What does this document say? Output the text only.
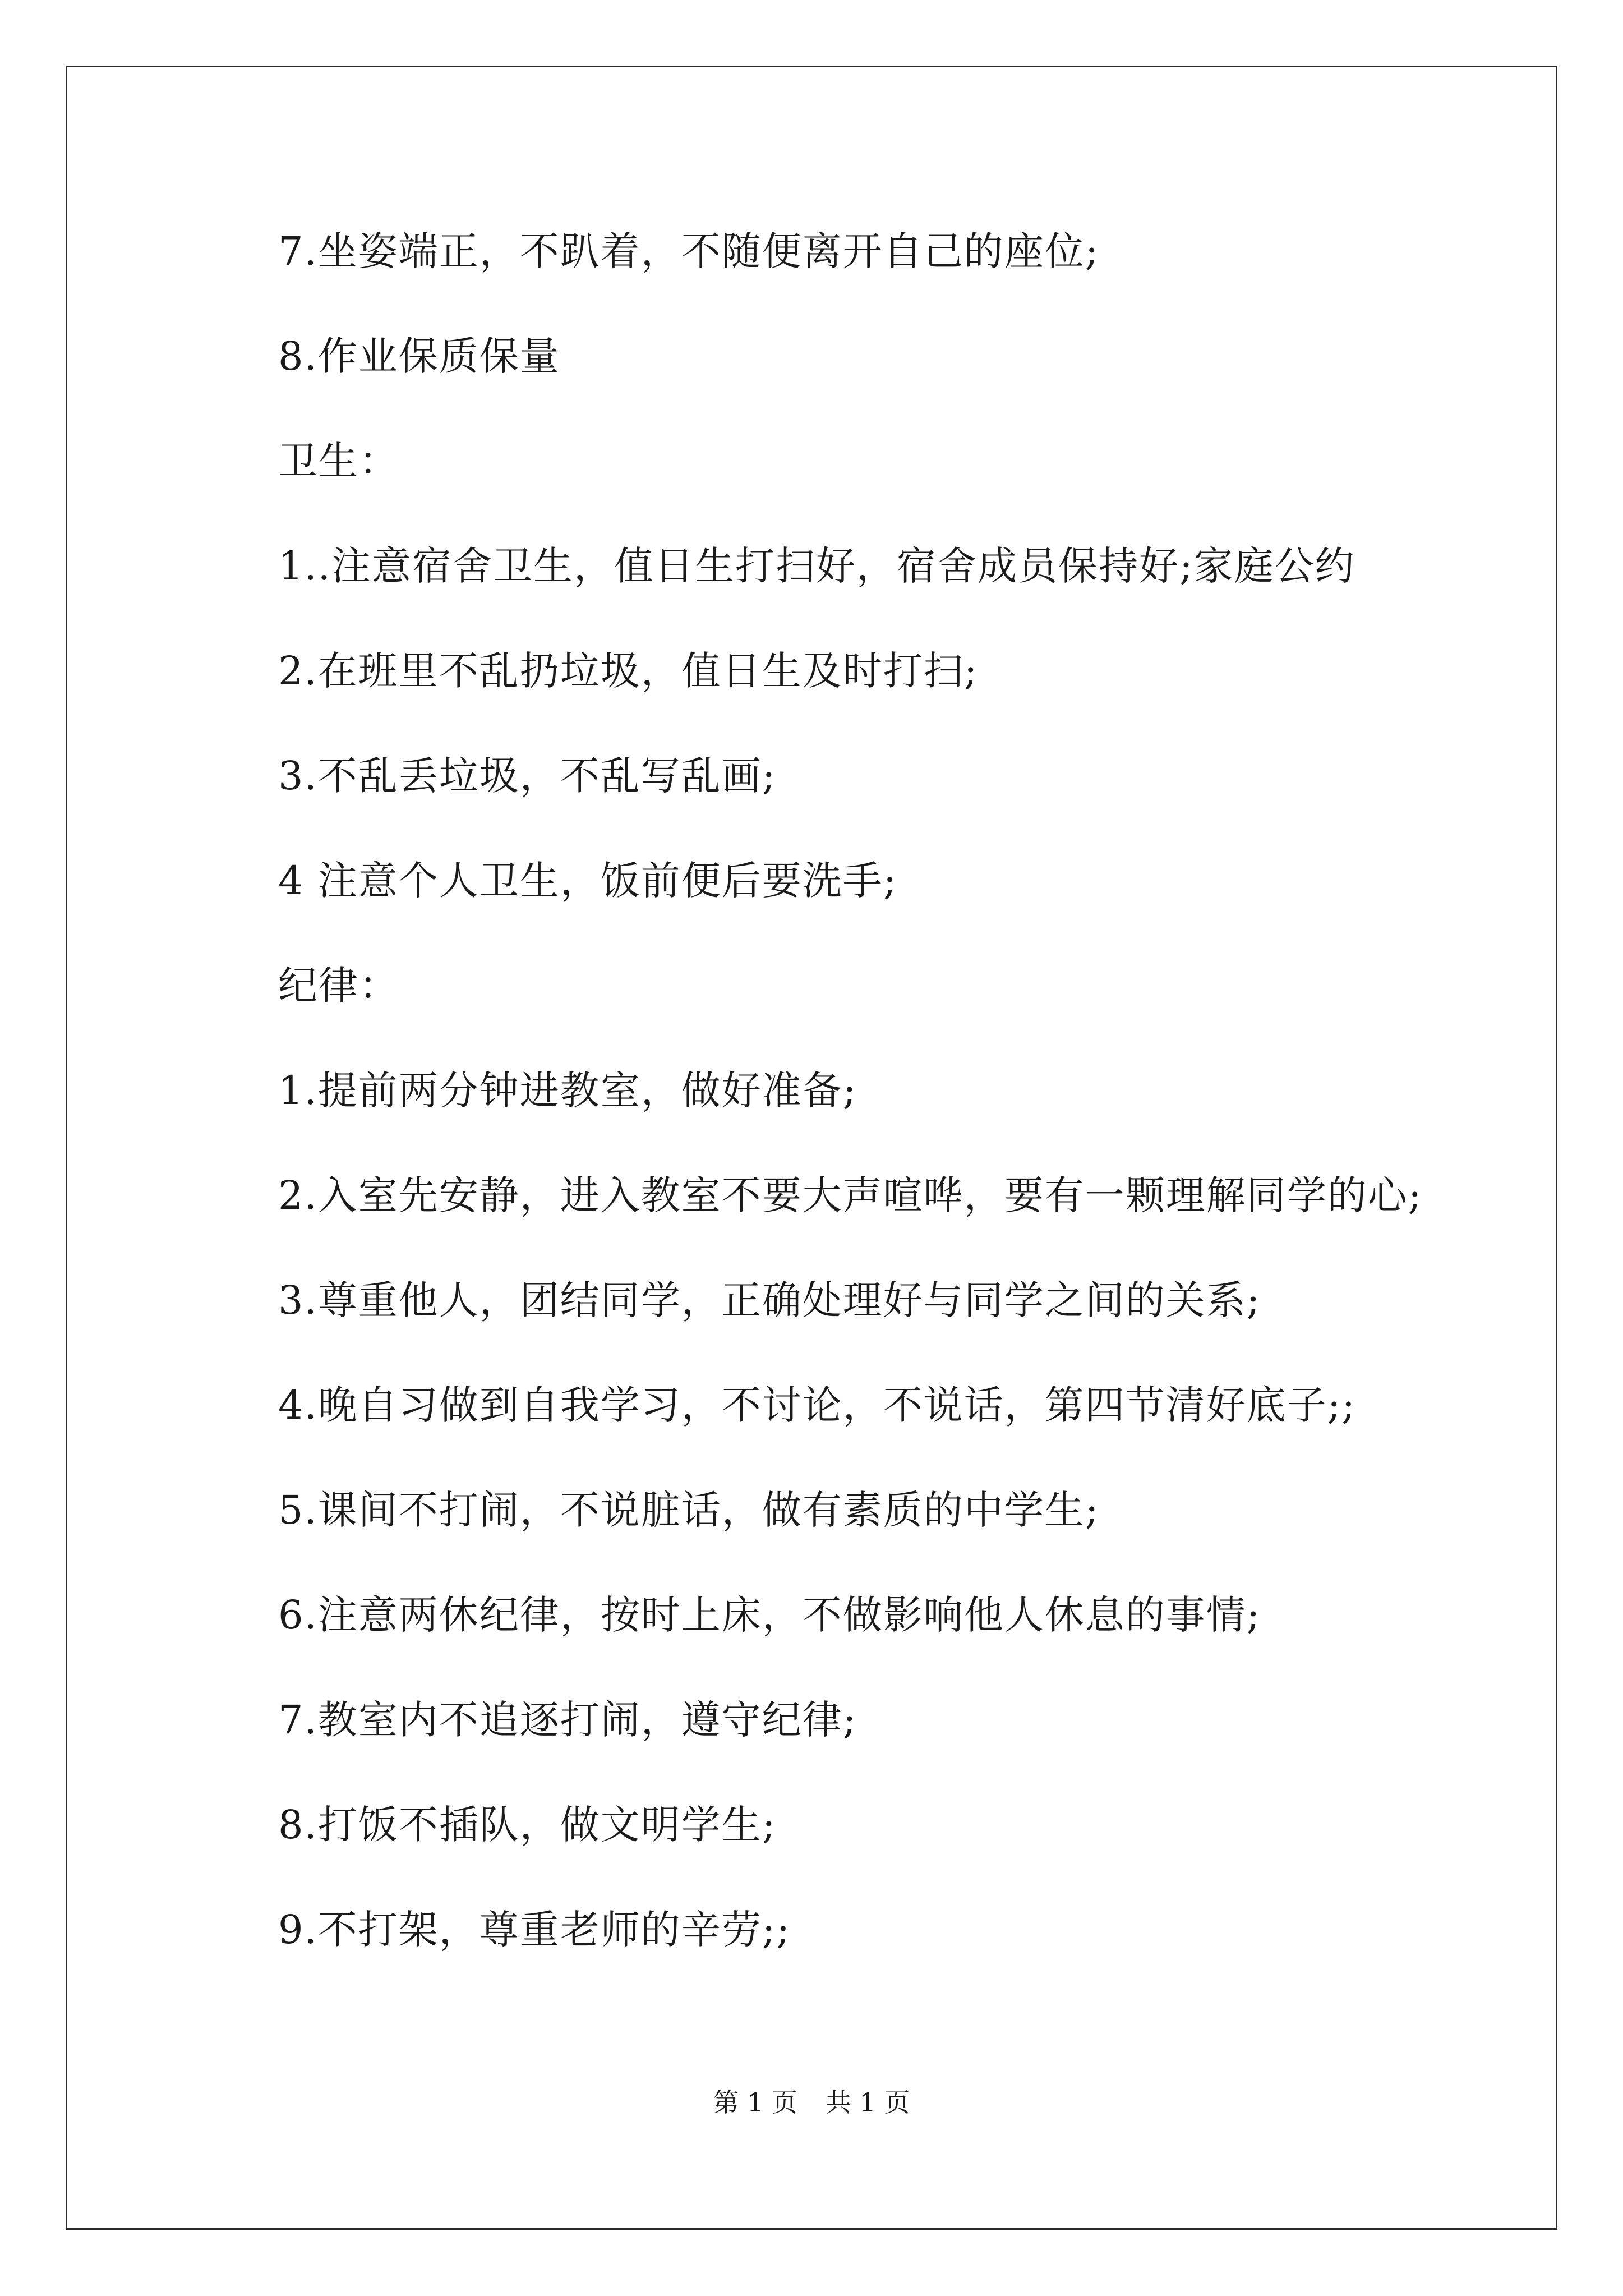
7.坐姿端正，不趴着，不随便离开自己的座位;
8.作业保质保量
卫生：
1..注意宿舍卫生，值日生打扫好，宿舍成员保持好;家庭公约
2.在班里不乱扔垃圾，值日生及时打扫;
3.不乱丢垃圾，不乱写乱画;
4 注意个人卫生，饭前便后要洗手;
纪律：
1.提前两分钟进教室，做好准备;
2.入室先安静，进入教室不要大声喧哗，要有一颗理解同学的心;
3.尊重他人，团结同学，正确处理好与同学之间的关系;
4.晚自习做到自我学习，不讨论，不说话，第四节清好底子;;
5.课间不打闹，不说脏话，做有素质的中学生;
6.注意两休纪律，按时上床，不做影响他人休息的事情;
7.教室内不追逐打闹，遵守纪律;
8.打饭不插队，做文明学生;
9.不打架，尊重老师的辛劳;;
第 1 页 共 1 页
